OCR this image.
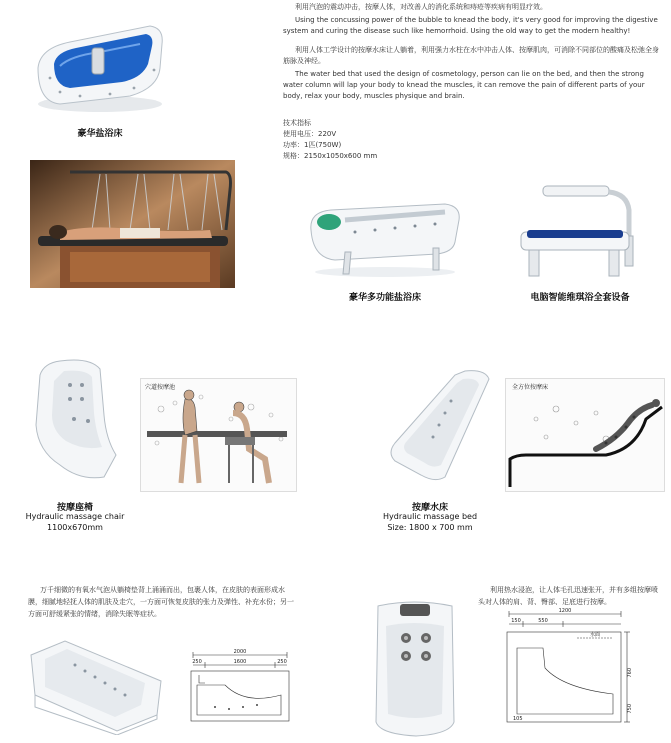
豪华盐浴床

利用汽泡的震动冲击，按摩人体，对改善人的消化系统和痔疮等疾病有明显疗效。

Using the concussing power of the bubble to knead the body, it's very good for improving the digestive system and curing the disease such like hemorrhoid. Using the old way to get the modern healthy!

利用人体工学设计的按摩水床让人躺着，利用强力水柱在水中冲击人体、按摩肌肉，可消除不同部位的酸痛及松弛全身筋脉及神经。

The water bed that used the design of cosmetology, person can lie on the bed, and then the strong water column will lap your body to knead the muscles, it can remove the pain of different parts of your body, relax your body, muscles physique and brain.

技术指标
使用电压：220V
功率：1匹(750W)
规格：2150x1050x600 mm
豪华多功能盐浴床	电脑智能维琪浴全套设备
穴道按摩池
按摩座椅
Hydraulic massage chair
1100x670mm
全方位按摩床
按摩水床
Hydraulic massage bed
Size: 1800 x 700 mm
万千细微的有氧水气泡从躺椅垫背上涌涌而出，包裹人体，在皮肤的表面形成水膜，细腻地轻抚人体的肌肤及走穴，一方面可恢复皮肤的张力及弹性、补充水份；另一方面可舒缓紧张的情绪，消除失眠等症状。
2000
250	1600	250
利用热水浸泡，让人体毛孔迅速张开，并有多组按摩喷头对人体的肩、背、臀部、足底进行按摩。
1200
150	550
水面
760
750
105
